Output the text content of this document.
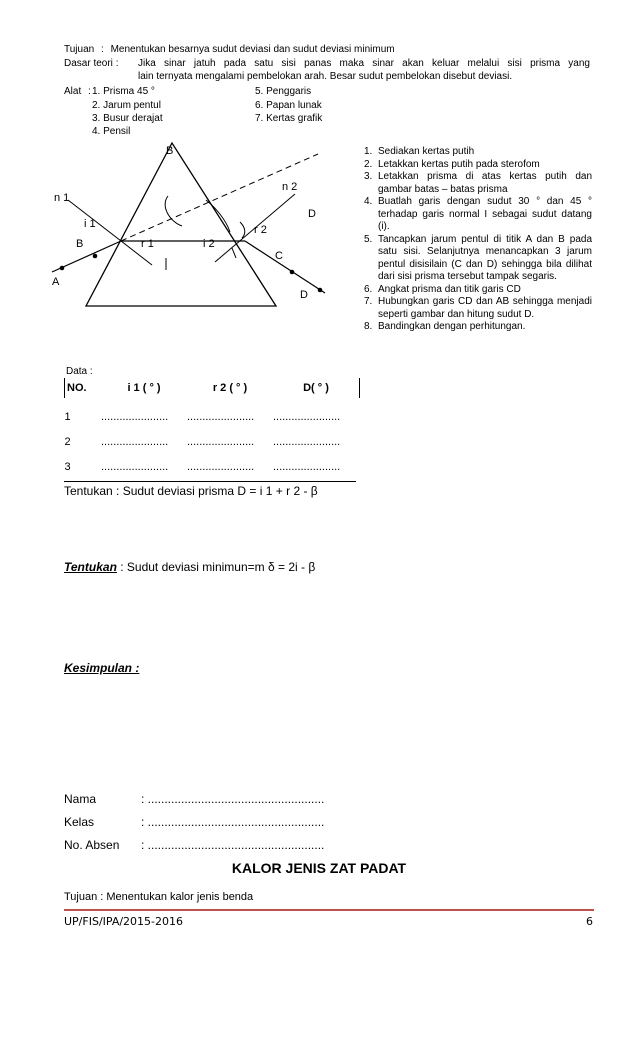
Tujuan : Menentukan besarnya sudut deviasi dan sudut deviasi minimum
Dasar teori : Jika sinar jatuh pada satu sisi panas maka sinar akan keluar melalui sisi prisma yang
lain ternyata mengalami pembelokan arah. Besar sudut pembelokan disebut deviasi.
Alat : 1. Prisma 45 °
2. Jarum pentul
3. Busur derajat
4. Pensil
5. Penggaris
6. Papan lunak
7. Kertas grafik
B
n 1
i 1
B
A
r 1	i 2
n 2
D
r 2
C
D
1. Sediakan kertas putih
2. Letakkan kertas putih pada sterofom
3. Letakkan prisma di atas kertas putih dan gambar batas – batas prisma
4. Buatlah garis dengan sudut 30 ° dan 45 ° terhadap garis normal I sebagai sudut datang (i).
5. Tancapkan jarum pentul di titik A dan B pada satu sisi. Selanjutnya menancapkan 3 jarum pentul disisilain (C dan D) sehingga bila dilihat dari sisi prisma tersebut tampak segaris.
6. Angkat prisma dan titik garis CD
7. Hubungkan garis CD dan AB sehingga menjadi seperti gambar dan hitung sudut D.
8. Bandingkan dengan perhitungan.
Data :
NO.	i 1 ( ° )	r 2 ( ° )	D( ° )
1	......................	......................	......................
2	......................	......................	......................
3	......................	......................	......................
Tentukan : Sudut deviasi prisma D = i 1 + r 2 - β
Tentukan : Sudut deviasi minimun=m δ = 2i - β
Kesimpulan :
Nama	: .....................................................
Kelas	: .....................................................
No. Absen : .....................................................
KALOR JENIS ZAT PADAT
Tujuan : Menentukan kalor jenis benda
UP/FIS/IPA/2015-2016	6
